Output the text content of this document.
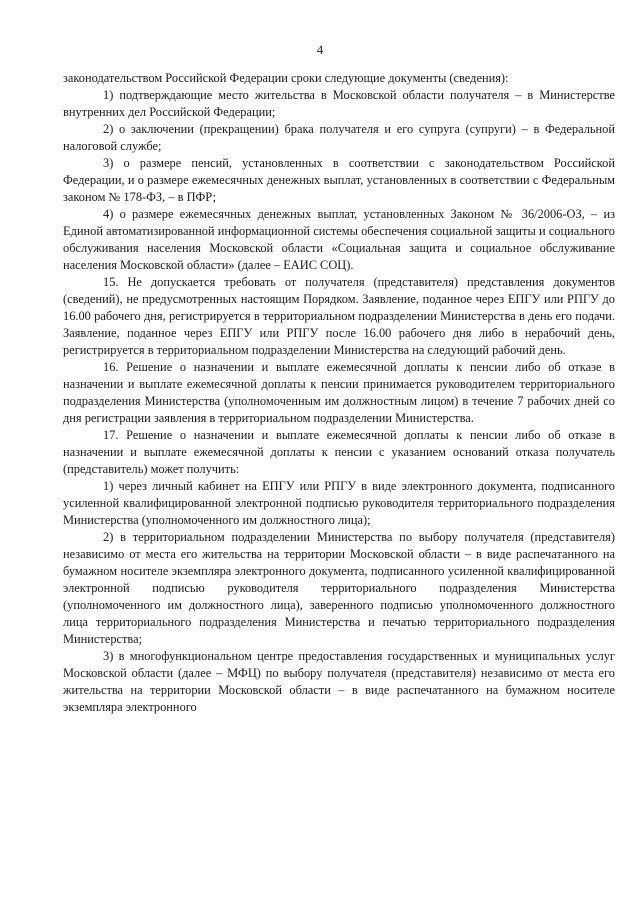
4

законодательством Российской Федерации сроки следующие документы (сведения):

1) подтверждающие место жительства в Московской области получателя – в Министерстве внутренних дел Российской Федерации;

2) о заключении (прекращении) брака получателя и его супруга (супруги) – в Федеральной налоговой службе;

3) о размере пенсий, установленных в соответствии с законодательством Российской Федерации, и о размере ежемесячных денежных выплат, установленных в соответствии с Федеральным законом № 178-ФЗ, – в ПФР;

4) о размере ежемесячных денежных выплат, установленных Законом № 36/2006-ОЗ, – из Единой автоматизированной информационной системы обеспечения социальной защиты и социального обслуживания населения Московской области «Социальная защита и социальное обслуживание населения Московской области» (далее – ЕАИС СОЦ).

15. Не допускается требовать от получателя (представителя) представления документов (сведений), не предусмотренных настоящим Порядком. Заявление, поданное через ЕПГУ или РПГУ до 16.00 рабочего дня, регистрируется в территориальном подразделении Министерства в день его подачи. Заявление, поданное через ЕПГУ или РПГУ после 16.00 рабочего дня либо в нерабочий день, регистрируется в территориальном подразделении Министерства на следующий рабочий день.

16. Решение о назначении и выплате ежемесячной доплаты к пенсии либо об отказе в назначении и выплате ежемесячной доплаты к пенсии принимается руководителем территориального подразделения Министерства (уполномоченным им должностным лицом) в течение 7 рабочих дней со дня регистрации заявления в территориальном подразделении Министерства.

17. Решение о назначении и выплате ежемесячной доплаты к пенсии либо об отказе в назначении и выплате ежемесячной доплаты к пенсии с указанием оснований отказа получатель (представитель) может получить:

1) через личный кабинет на ЕПГУ или РПГУ в виде электронного документа, подписанного усиленной квалифицированной электронной подписью руководителя территориального подразделения Министерства (уполномоченного им должностного лица);

2) в территориальном подразделении Министерства по выбору получателя (представителя) независимо от места его жительства на территории Московской области – в виде распечатанного на бумажном носителе экземпляра электронного документа, подписанного усиленной квалифицированной электронной подписью руководителя территориального подразделения Министерства (уполномоченного им должностного лица), заверенного подписью уполномоченного должностного лица территориального подразделения Министерства и печатью территориального подразделения Министерства;

3) в многофункциональном центре предоставления государственных и муниципальных услуг Московской области (далее – МФЦ) по выбору получателя (представителя) независимо от места его жительства на территории Московской области – в виде распечатанного на бумажном носителе экземпляра электронного
